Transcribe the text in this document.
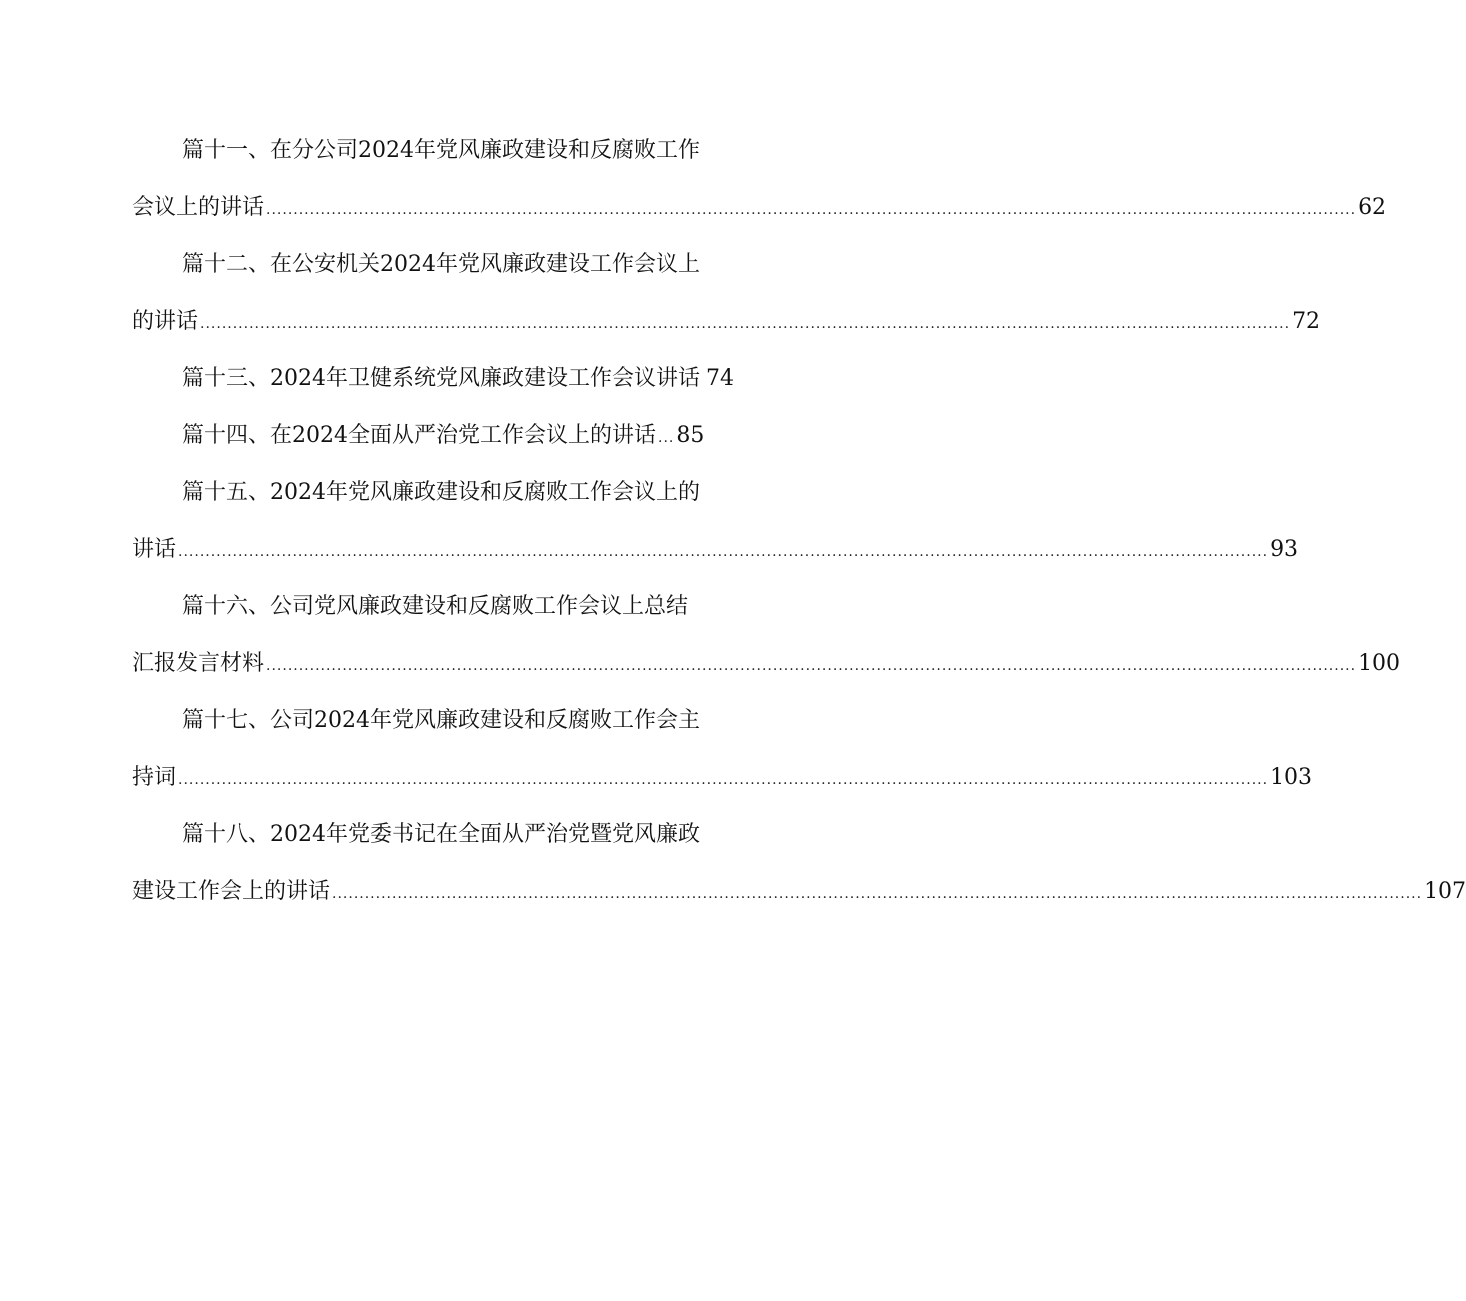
篇十一、在分公司2024年党风廉政建设和反腐败工作
会议上的讲话 ........................................................................................................................................................................................................ 62
篇十二、在公安机关2024年党风廉政建设工作会议上
的讲话 ........................................................................................................................................................................................................ 72
篇十三、2024年卫健系统党风廉政建设工作会议讲话 74
篇十四、在2024全面从严治党工作会议上的讲话 ... 85
篇十五、2024年党风廉政建设和反腐败工作会议上的
讲话 ........................................................................................................................................................................................................ 93
篇十六、公司党风廉政建设和反腐败工作会议上总结
汇报发言材料 ........................................................................................................................................................................................................ 100
篇十七、公司2024年党风廉政建设和反腐败工作会主
持词 ........................................................................................................................................................................................................ 103
篇十八、2024年党委书记在全面从严治党暨党风廉政
建设工作会上的讲话 ........................................................................................................................................................................................................ 107
